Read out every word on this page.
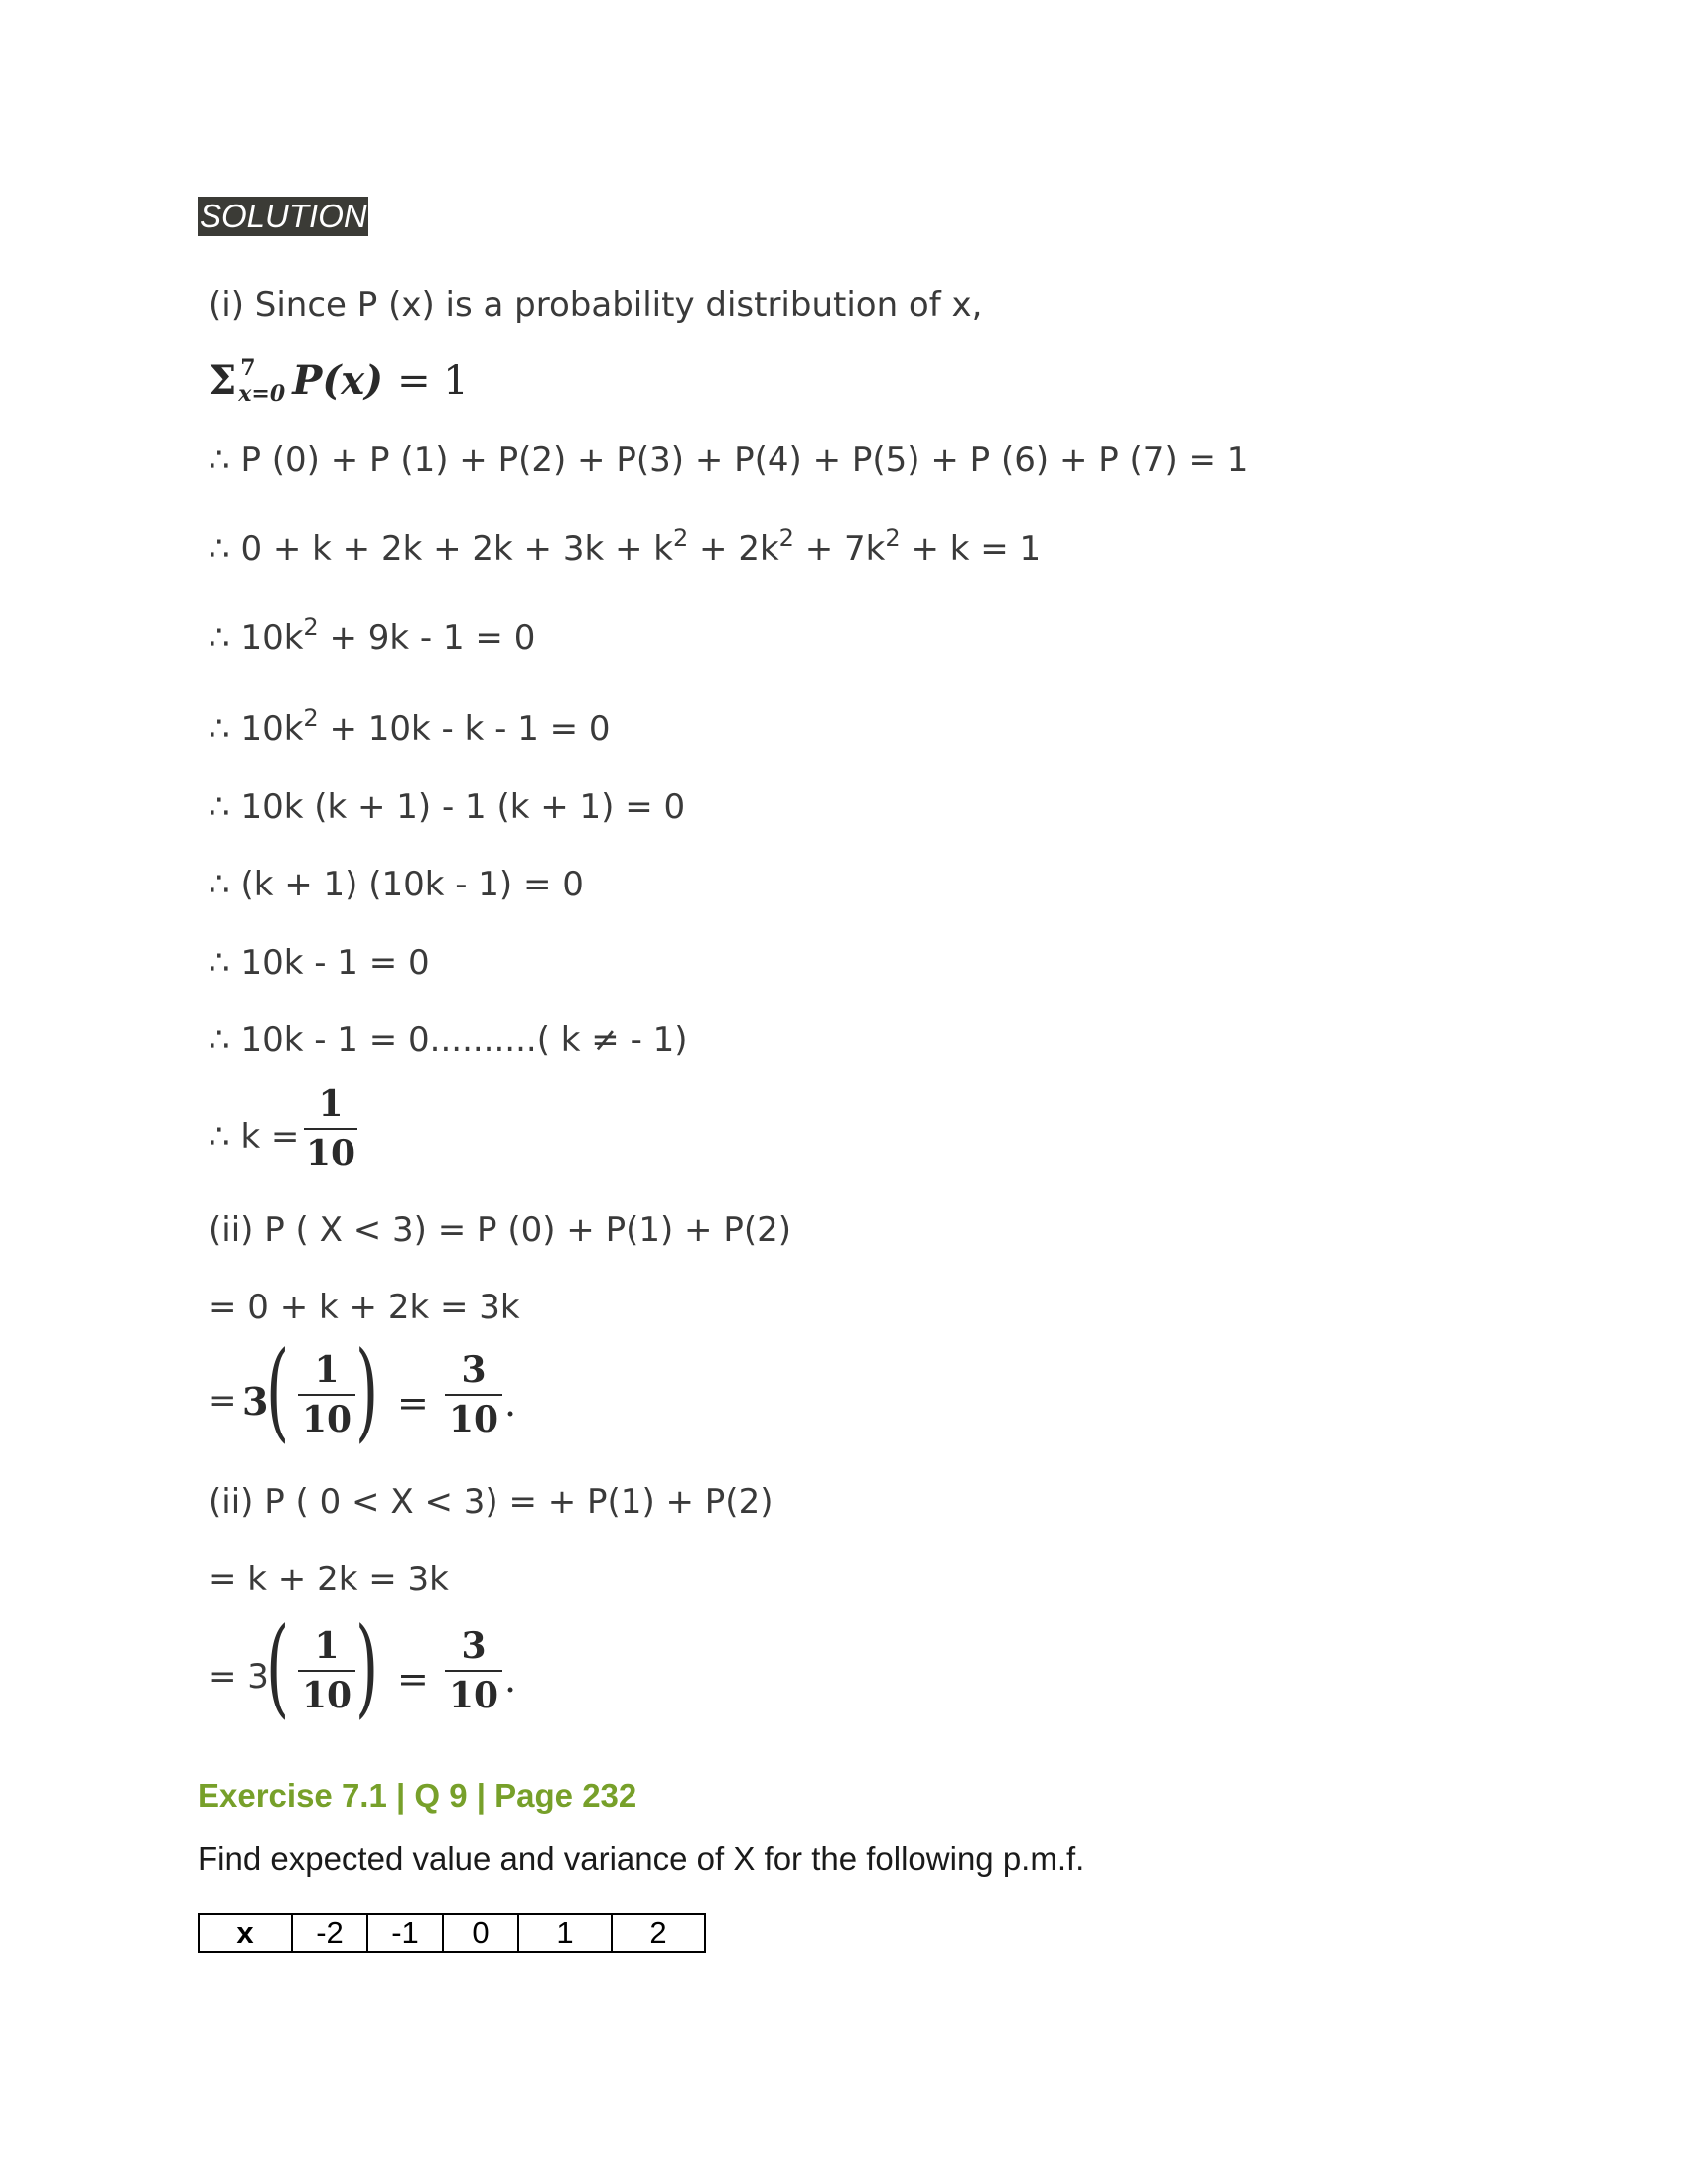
SOLUTION
(i) Since P (x) is a probability distribution of x,
Σ 7
x=0 P(x) = 1
∴ P (0) + P (1) + P(2) + P(3) + P(4) + P(5) + P (6) + P (7) = 1
∴ $0 + k + 2k + 2k + 3k + k^2 + 2k^2 + 7k^2 + k = 1$
∴ $10k^2 + 9k - 1 = 0$
∴ $10k^2 + 10k - k - 1 = 0$
∴ 10k (k + 1) - 1 (k + 1) = 0
∴ (k + 1) (10k - 1) = 0
∴ 10k - 1 = 0
∴ 10k - 1 = 0..........( k ≠ - 1)
∴ k =
1
10
(ii) P ( X < 3) = P (0) + P(1) + P(2)
= 0 + k + 2k = 3k
= 3
( 1
10 ) =
3
10 .
(ii) P ( 0 < X < 3) = + P(1) + P(2)
= k + 2k = 3k
= 3
( 1
10 ) =
3
10 .
Exercise 7.1 | Q 9 | Page 232
Find expected value and variance of X for the following p.m.f.
x	-2	-1	0	1	2
